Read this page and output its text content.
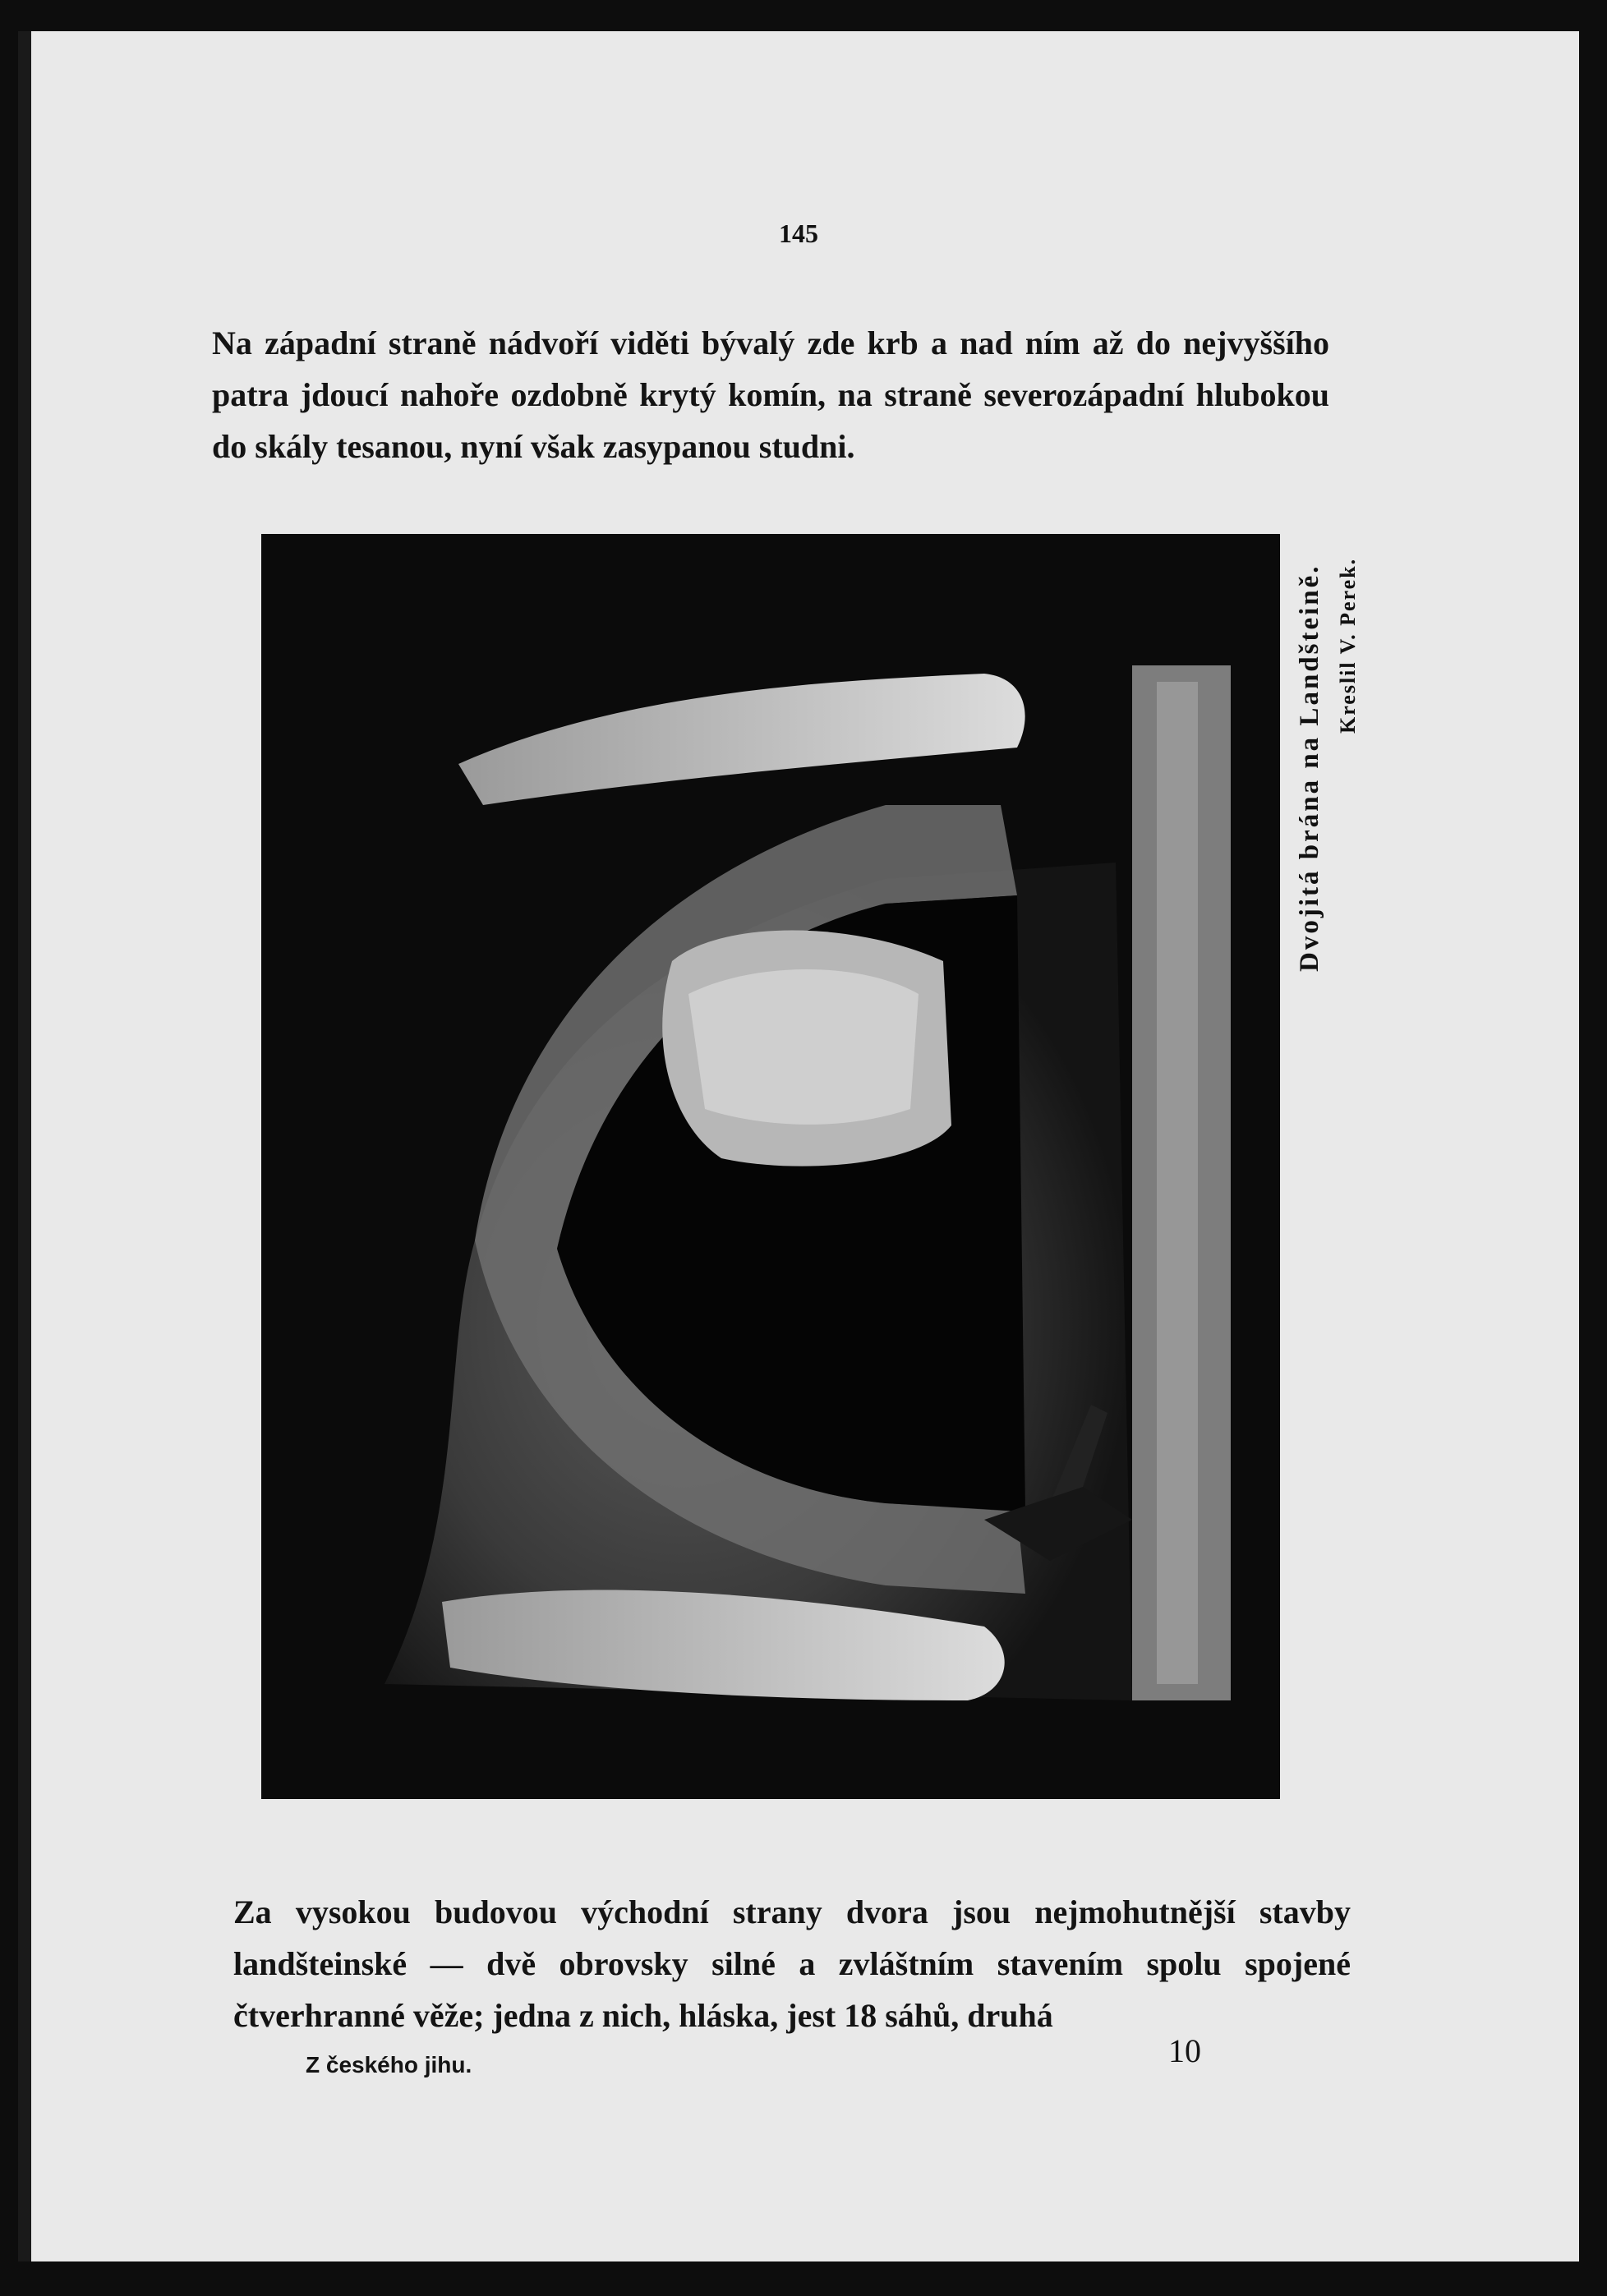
145

Na západní straně nádvoří viděti bývalý zde krb a nad ním až do nejvyššího patra jdoucí nahoře ozdobně krytý komín, na straně severozápadní hlubokou do skály tesanou, nyní však zasypanou studni.

Dvojitá brána na Landšteině. Kreslil V. Perek.

Za vysokou budovou východní strany dvora jsou nejmohutnější stavby landšteinské — dvě obrovsky silné a zvláštním stavením spolu spojené čtverhranné věže; jedna z nich, hláska, jest 18 sáhů, druhá

Z českého jihu.	10
